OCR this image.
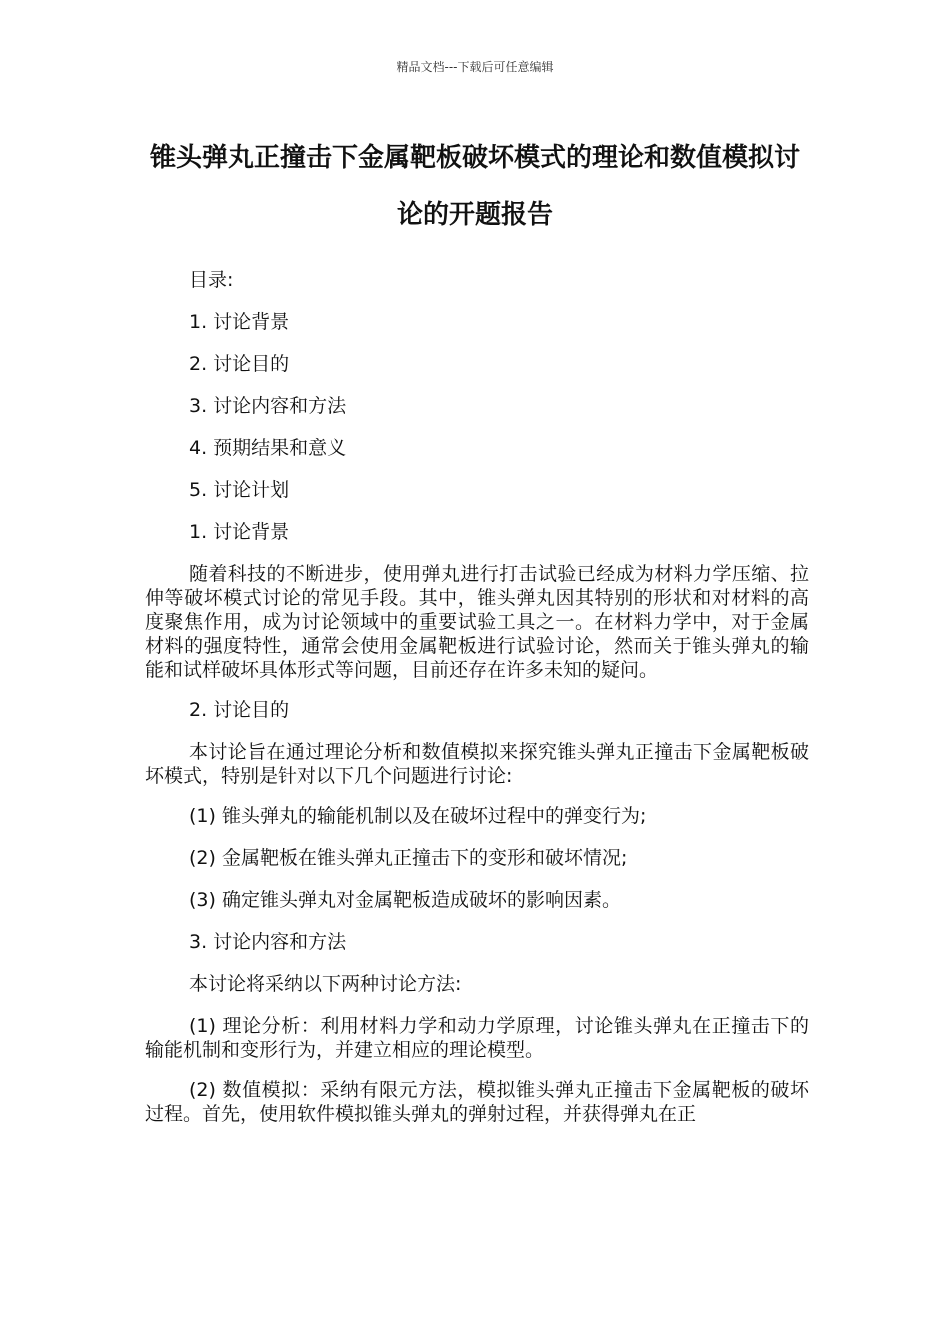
精品文档---下载后可任意编辑
锥头弹丸正撞击下金属靶板破坏模式的理论和数值模拟讨论的开题报告

目录:

1. 讨论背景

2. 讨论目的

3. 讨论内容和方法

4. 预期结果和意义

5. 讨论计划

1. 讨论背景

随着科技的不断进步，使用弹丸进行打击试验已经成为材料力学压缩、拉伸等破坏模式讨论的常见手段。其中，锥头弹丸因其特别的形状和对材料的高度聚焦作用，成为讨论领域中的重要试验工具之一。在材料力学中，对于金属材料的强度特性，通常会使用金属靶板进行试验讨论，然而关于锥头弹丸的输能和试样破坏具体形式等问题，目前还存在许多未知的疑问。

2. 讨论目的

本讨论旨在通过理论分析和数值模拟来探究锥头弹丸正撞击下金属靶板破坏模式，特别是针对以下几个问题进行讨论:

(1) 锥头弹丸的输能机制以及在破坏过程中的弹变行为;

(2) 金属靶板在锥头弹丸正撞击下的变形和破坏情况;

(3) 确定锥头弹丸对金属靶板造成破坏的影响因素。

3. 讨论内容和方法

本讨论将采纳以下两种讨论方法:

(1) 理论分析：利用材料力学和动力学原理，讨论锥头弹丸在正撞击下的输能机制和变形行为，并建立相应的理论模型。

(2) 数值模拟：采纳有限元方法，模拟锥头弹丸正撞击下金属靶板的破坏过程。首先，使用软件模拟锥头弹丸的弹射过程，并获得弹丸在正
